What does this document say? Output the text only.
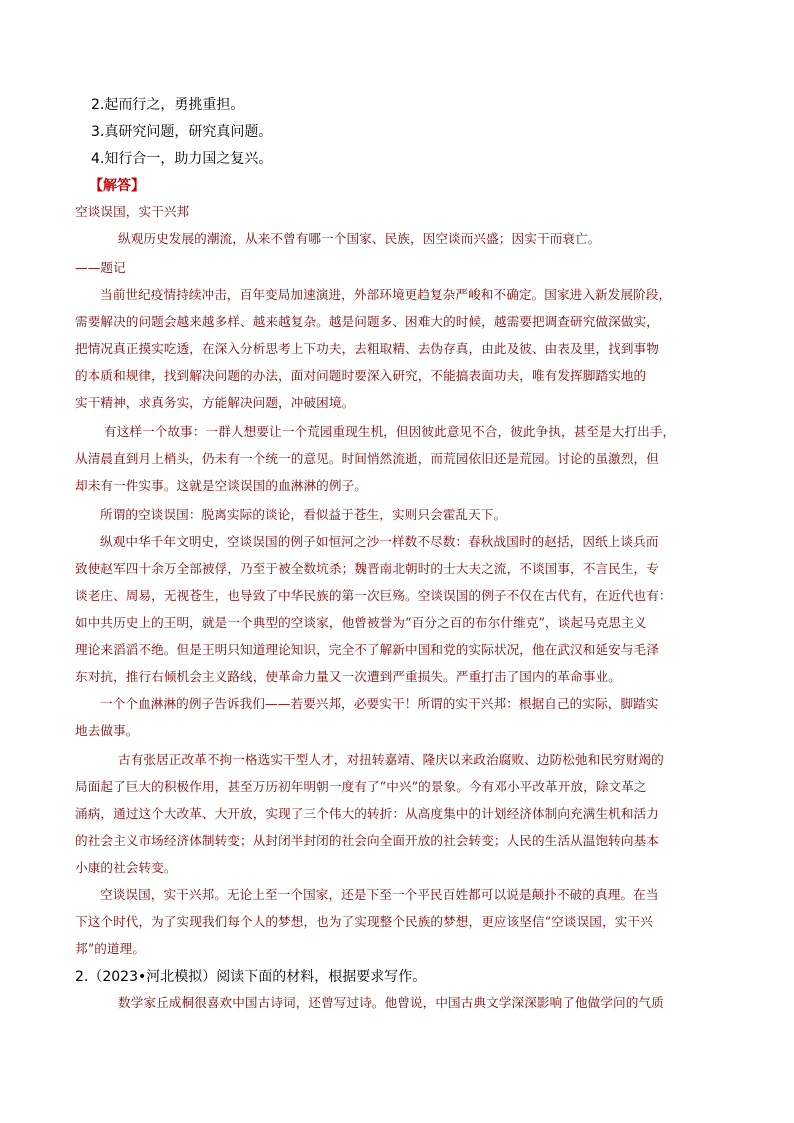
2.起而行之，勇挑重担。
3.真研究问题，研究真问题。
4.知行合一，助力国之复兴。
【解答】
空谈误国，实干兴邦
纵观历史发展的潮流，从来不曾有哪一个国家、民族，因空谈而兴盛；因实干而衰亡。
——题记
当前世纪疫情持续冲击，百年变局加速演进，外部环境更趋复杂严峻和不确定。国家进入新发展阶段，
需要解决的问题会越来越多样、越来越复杂。越是问题多、困难大的时候，越需要把调查研究做深做实，
把情况真正摸实吃透，在深入分析思考上下功夫，去粗取精、去伪存真，由此及彼、由表及里，找到事物
的本质和规律，找到解决问题的办法，面对问题时要深入研究，不能搞表面功夫，唯有发挥脚踏实地的
实干精神，求真务实，方能解决问题，冲破困境。
有这样一个故事：一群人想要让一个荒园重现生机，但因彼此意见不合，彼此争执，甚至是大打出手，
从清晨直到月上梢头，仍未有一个统一的意见。时间悄然流逝，而荒园依旧还是荒园。讨论的虽激烈，但
却未有一件实事。这就是空谈误国的血淋淋的例子。
所谓的空谈误国：脱离实际的谈论，看似益于苍生，实则只会霍乱天下。
纵观中华千年文明史，空谈误国的例子如恒河之沙一样数不尽数：春秋战国时的赵括，因纸上谈兵而
致使赵军四十余万全部被俘，乃至于被全数坑杀；魏晋南北朝时的士大夫之流，不谈国事，不言民生，专
谈老庄、周易，无视苍生，也导致了中华民族的第一次巨殇。空谈误国的例子不仅在古代有，在近代也有：
如中共历史上的王明，就是一个典型的空谈家，他曾被誉为“百分之百的布尔什维克”，谈起马克思主义
理论来滔滔不绝。但是王明只知道理论知识，完全不了解新中国和党的实际状况，他在武汉和延安与毛泽
东对抗，推行右倾机会主义路线，使革命力量又一次遭到严重损失。严重打击了国内的革命事业。
一个个血淋淋的例子告诉我们——若要兴邦，必要实干！所谓的实干兴邦：根据自己的实际，脚踏实
地去做事。
古有张居正改革不拘一格选实干型人才，对扭转嘉靖、隆庆以来政治腐败、边防松弛和民穷财竭的
局面起了巨大的积极作用，甚至万历初年明朝一度有了“中兴”的景象。今有邓小平改革开放，除文革之
涌病，通过这个大改革、大开放，实现了三个伟大的转折：从高度集中的计划经济体制向充满生机和活力
的社会主义市场经济体制转变；从封闭半封闭的社会向全面开放的社会转变；人民的生活从温饱转向基本
小康的社会转变。
空谈误国，实干兴邦。无论上至一个国家，还是下至一个平民百姓都可以说是颠扑不破的真理。在当
下这个时代，为了实现我们每个人的梦想，也为了实现整个民族的梦想，更应该坚信“空谈误国，实干兴
邦”的道理。
2.（2023•河北模拟）阅读下面的材料，根据要求写作。
数学家丘成桐很喜欢中国古诗词，还曾写过诗。他曾说，中国古典文学深深影响了他做学问的气质
